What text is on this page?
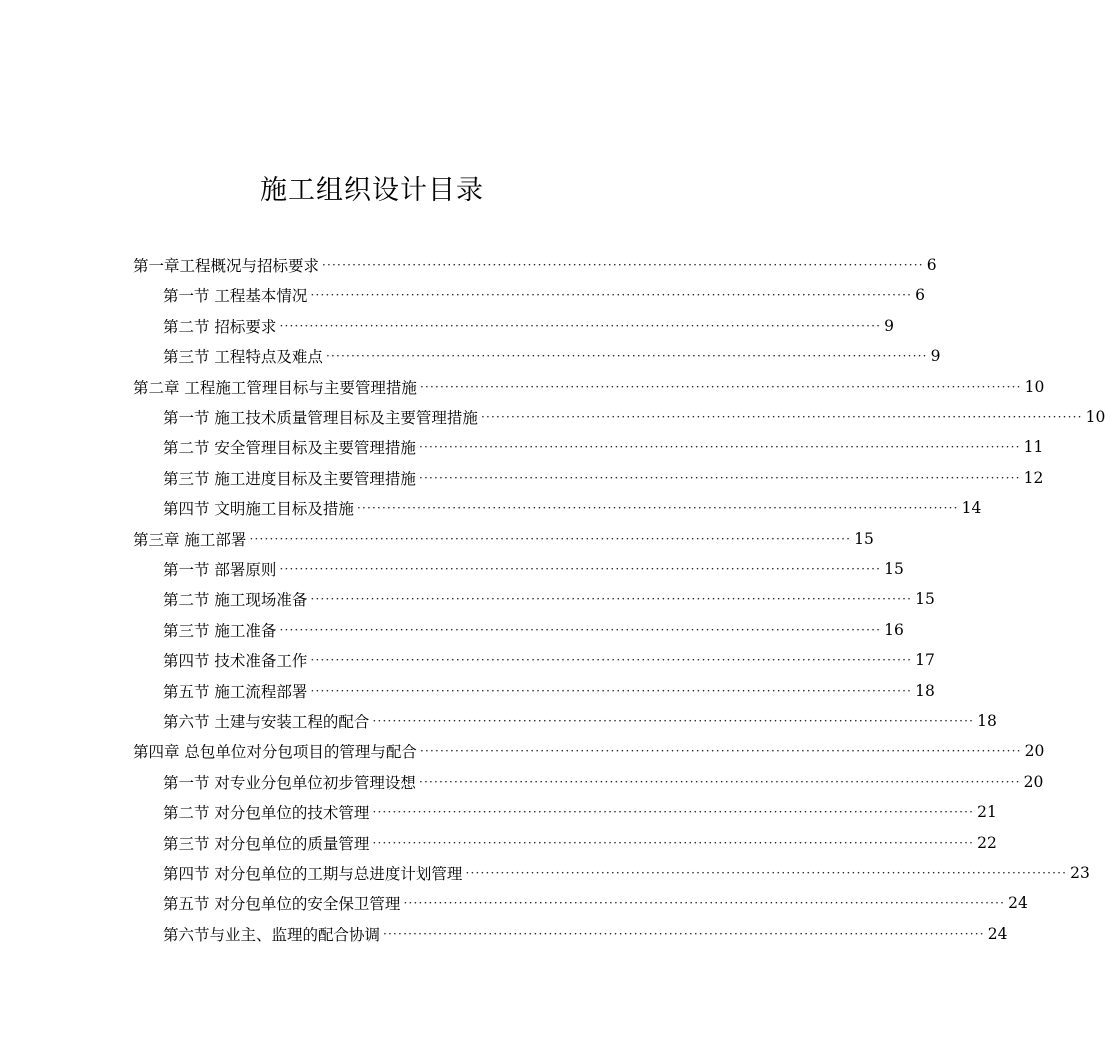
施工组织设计目录
第一章工程概况与招标要求 ························································································································ 6
第一节 工程基本情况 ························································································································ 6
第二节 招标要求 ························································································································ 9
第三节 工程特点及难点 ························································································································ 9
第二章 工程施工管理目标与主要管理措施 ························································································································ 10
第一节 施工技术质量管理目标及主要管理措施 ························································································································ 10
第二节 安全管理目标及主要管理措施 ························································································································ 11
第三节 施工进度目标及主要管理措施 ························································································································ 12
第四节 文明施工目标及措施 ························································································································ 14
第三章 施工部署 ························································································································ 15
第一节 部署原则 ························································································································ 15
第二节 施工现场准备 ························································································································ 15
第三节 施工准备 ························································································································ 16
第四节 技术准备工作 ························································································································ 17
第五节 施工流程部署 ························································································································ 18
第六节 土建与安装工程的配合 ························································································································ 18
第四章 总包单位对分包项目的管理与配合 ························································································································ 20
第一节 对专业分包单位初步管理设想 ························································································································ 20
第二节 对分包单位的技术管理 ························································································································ 21
第三节 对分包单位的质量管理 ························································································································ 22
第四节 对分包单位的工期与总进度计划管理 ························································································································ 23
第五节 对分包单位的安全保卫管理 ························································································································ 24
第六节与业主、监理的配合协调 ························································································································ 24
